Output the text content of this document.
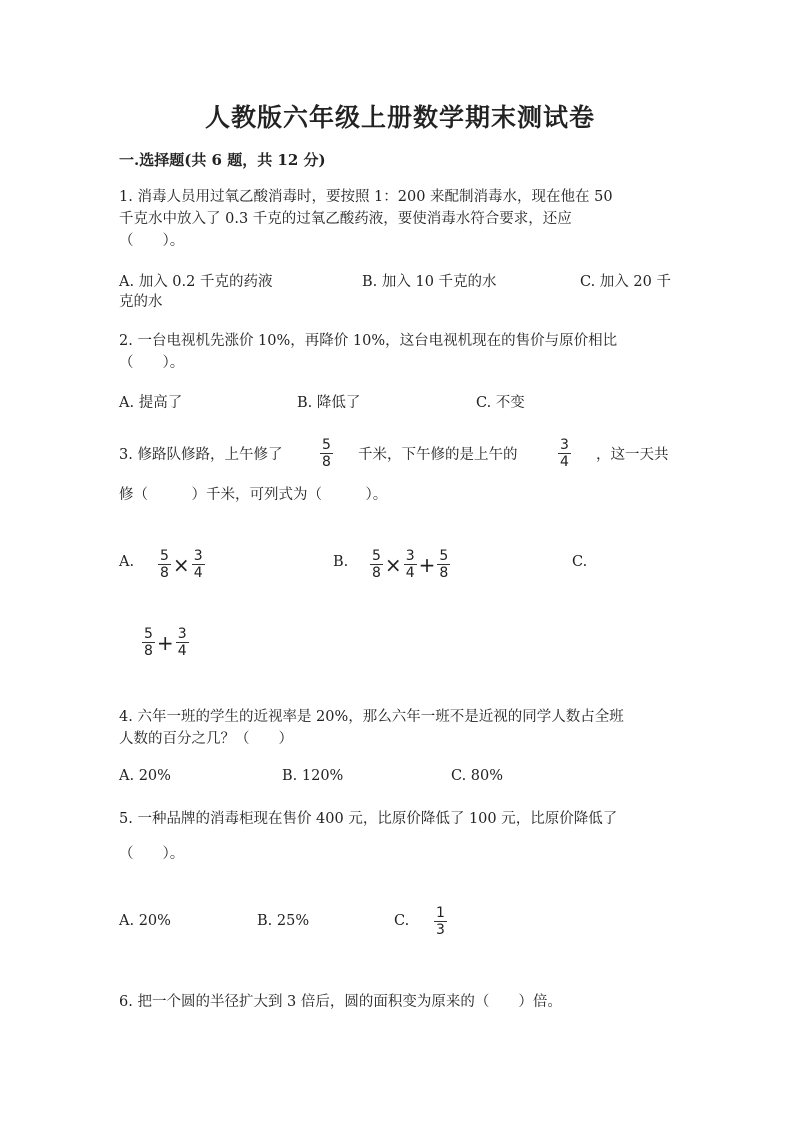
人教版六年级上册数学期末测试卷
一.选择题(共 6 题，共 12 分)
1. 消毒人员用过氧乙酸消毒时，要按照 1：200 来配制消毒水，现在他在 50
千克水中放入了 0.3 千克的过氧乙酸药液，要使消毒水符合要求，还应
（　　）。
A. 加入 0.2 千克的药液	B. 加入 10 千克的水	C. 加入 20 千
克的水
2. 一台电视机先涨价 10%，再降价 10%，这台电视机现在的售价与原价相比
（　　）。
A. 提高了	B. 降低了	C. 不变
3. 修路队修路，上午修了	$\frac{5}{8}$ 千米，下午修的是上午的	$\frac{3}{4}$ ，这一天共
修（　　　）千米，可列式为（　　　）。
A. $\frac{5}{8} \times \frac{3}{4}$	B. $\frac{5}{8} \times \frac{3}{4} + \frac{5}{8}$	C.
$\frac{5}{8} + \frac{3}{4}$
4. 六年一班的学生的近视率是 20%，那么六年一班不是近视的同学人数占全班
人数的百分之几？（　　）
A. 20%	B. 120%	C. 80%
5. 一种品牌的消毒柜现在售价 400 元，比原价降低了 100 元，比原价降低了
（　　）。
A. 20%	B. 25%	C. $\frac{1}{3}$
6. 把一个圆的半径扩大到 3 倍后，圆的面积变为原来的（　　）倍。
